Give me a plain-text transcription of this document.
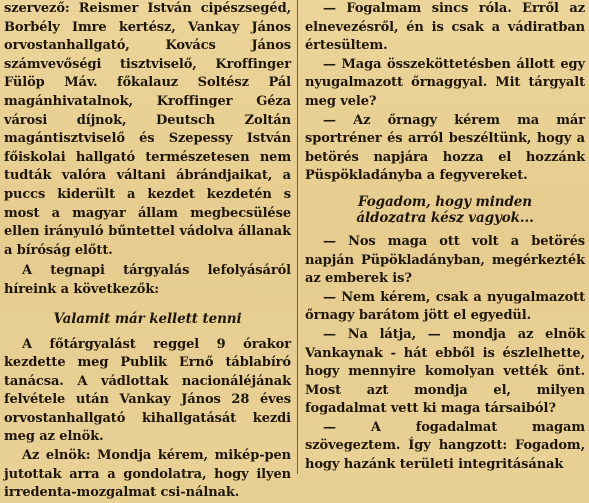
szervező: Reismer István cipészsegéd, Borbély Imre kertész, Vankay János orvostanhallgató, Kovács János számvevőségi tisztviselő, Kroffinger Fülöp Máv. főkalauz Soltész Pál magánhivatalnok, Kroffinger Géza városi díjnok, Deutsch Zoltán magántisztviselő és Szepessy István főiskolai hallgató természetesen nem tudták valóra váltani ábrándjaikat, a puccs kiderült a kezdet kezdetén s most a magyar állam megbecsülése ellen irányuló bűntettel vádolva állanak a bíróság előtt.

A tegnapi tárgyalás lefolyásáról híreink a következők:

Valamit már kellett tenni

A főtárgyalást reggel 9 órakor kezdette meg Publik Ernő táblabíró tanácsa. A vádlottak nacionáléjának felvétele után Vankay János 28 éves orvostanhallgató kihallgatását kezdi meg az elnök.

Az elnök: Mondja kérem, mikép-pen jutottak arra a gondolatra, hogy ilyen irredenta-mozgalmat csi-nálnak.

— Fogalmam sincs róla. Erről az elnevezésről, én is csak a vádiratban értesültem.

— Maga összeköttetésben állott egy nyugalmazott őrnaggyal. Mit tárgyalt meg vele?

— Az őrnagy kérem ma már sportréner és arról beszéltünk, hogy a betörés napjára hozza el hozzánk Püspökladányba a fegyvereket.

Fogadom, hogy minden áldozatra kész vagyok...

— Nos maga ott volt a betörés napján Püpökladányban, megérkezték az emberek is?

— Nem kérem, csak a nyugalmazott őrnagy barátom jött el egyedül.

— Na látja, — mondja az elnök Vankaynak - hát ebből is észlelhette, hogy mennyire komolyan vették önt. Most azt mondja el, milyen fogadalmat vett ki maga társaiból?

— A fogadalmat magam szövegeztem. Így hangzott: Fogadom, hogy hazánk területi integritásának
